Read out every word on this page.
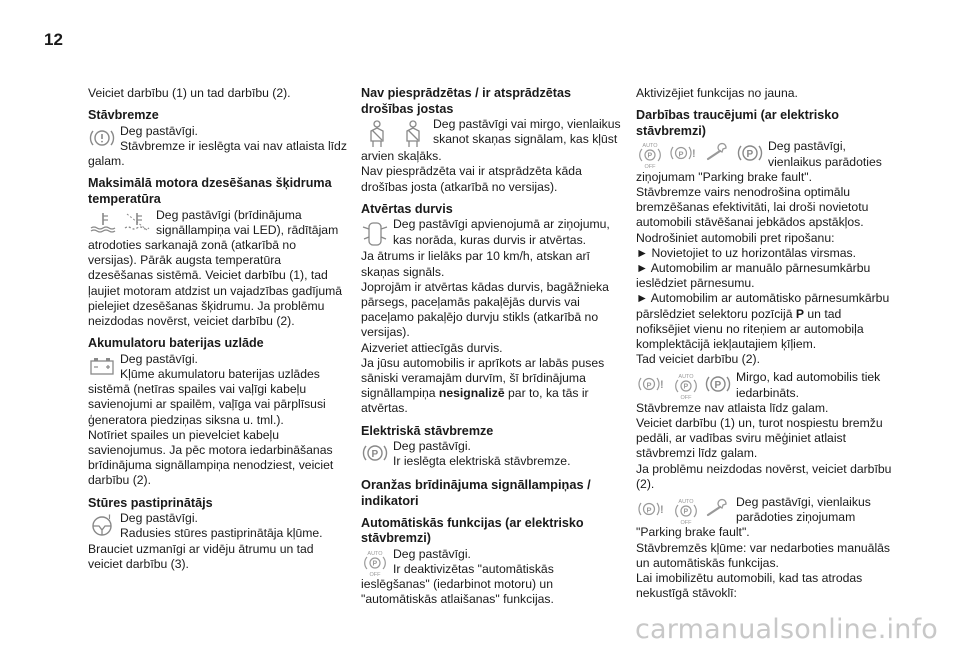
12

Veiciet darbību (1) un tad darbību (2).

Stāvbremze

Deg pastāvīgi.

Stāvbremze ir ieslēgta vai nav atlaista līdz

galam.

Maksimālā motora dzesēšanas šķidruma temperatūra

Deg pastāvīgi (brīdinājuma

signāllampiņa vai LED), rādītājam

atrodoties sarkanajā zonā (atkarībā no versijas). Pārāk augsta temperatūra dzesēšanas sistēmā. Veiciet darbību (1), tad ļaujiet motoram atdzist un vajadzības gadījumā pielejiet dzesēšanas šķidrumu. Ja problēmu neizdodas novērst, veiciet darbību (2).

Akumulatoru baterijas uzlāde

Deg pastāvīgi.

Kļūme akumulatoru baterijas uzlādes

sistēmā (netīras spailes vai vaļīgi kabeļu savienojumi ar spailēm, vaļīga vai pārplīsusi ģeneratora piedziņas siksna u. tml.).

Notīriet spailes un pievelciet kabeļu savienojumus. Ja pēc motora iedarbināšanas brīdinājuma signāllampiņa nenodziest, veiciet darbību (2).

Stūres pastiprinātājs
! Deg pastāvīgi.

Radusies stūres pastiprinātāja kļūme.

Brauciet uzmanīgi ar vidēju ātrumu un tad veiciet darbību (3).

Nav piesprādzētas / ir atsprādzētas drošības jostas

Deg pastāvīgi vai mirgo, vienlaikus

skanot skaņas signālam, kas kļūst

arvien skaļāks.

Nav piesprādzēta vai ir atsprādzēta kāda drošības josta (atkarībā no versijas).

Atvērtas durvis

Deg pastāvīgi apvienojumā ar ziņojumu,

kas norāda, kuras durvis ir atvērtas.

Ja ātrums ir lielāks par 10 km/h, atskan arī skaņas signāls.

Joprojām ir atvērtas kādas durvis, bagāžnieka pārsegs, paceļamās pakaļējās durvis vai paceļamo pakaļējo durvju stikls (atkarībā no versijas).

Aizveriet attiecīgās durvis.

Ja jūsu automobilis ir aprīkots ar labās puses sāniski veramajām durvīm, šī brīdinājuma signāllampiņa nesignalizē par to, ka tās ir atvērtas.

Elektriskā stāvbremze
P

Deg pastāvīgi.

Ir ieslēgta elektriskā stāvbremze.

Oranžas brīdinājuma signāllampiņas / indikatori
Automātiskās funkcijas (ar elektrisko stāvbremzi)
AUTO
P
OFF

Deg pastāvīgi.

Ir deaktivizētas "automātiskās

ieslēgšanas" (iedarbinot motoru) un "automātiskās atlaišanas" funkcijas.

Aktivizējiet funkcijas no jauna.

Darbības traucējumi (ar elektrisko stāvbremzi)
AUTO
P
OFF
P !	P

Deg pastāvīgi,

vienlaikus parādoties

ziņojumam "Parking brake fault".

Stāvbremze vairs nenodrošina optimālu bremzēšanas efektivitāti, lai droši novietotu automobili stāvēšanai jebkādos apstākļos.

Nodrošiniet automobili pret ripošanu:

► Novietojiet to uz horizontālas virsmas.

► Automobilim ar manuālo pārnesumkārbu ieslēdziet pārnesumu.

► Automobilim ar automātisko pārnesumkārbu pārslēdziet selektoru pozīcijā P un tad nofiksējiet vienu no riteņiem ar automobiļa komplektācijā iekļautajiem ķīļiem.

Tad veiciet darbību (2).

P !
AUTO
P
OFF
P

Mirgo, kad automobilis tiek

iedarbināts.

Stāvbremze nav atlaista līdz galam.

Veiciet darbību (1) un, turot nospiestu bremžu pedāli, ar vadības sviru mēģiniet atlaist stāvbremzi līdz galam.

Ja problēmu neizdodas novērst, veiciet darbību (2).

P !
AUTO
P
OFF

Deg pastāvīgi, vienlaikus

parādoties ziņojumam

"Parking brake fault".

Stāvbremzēs kļūme: var nedarboties manuālās un automātiskās funkcijas.

Lai imobilizētu automobili, kad tas atrodas nekustīgā stāvoklī:

carmanualsonline.info
